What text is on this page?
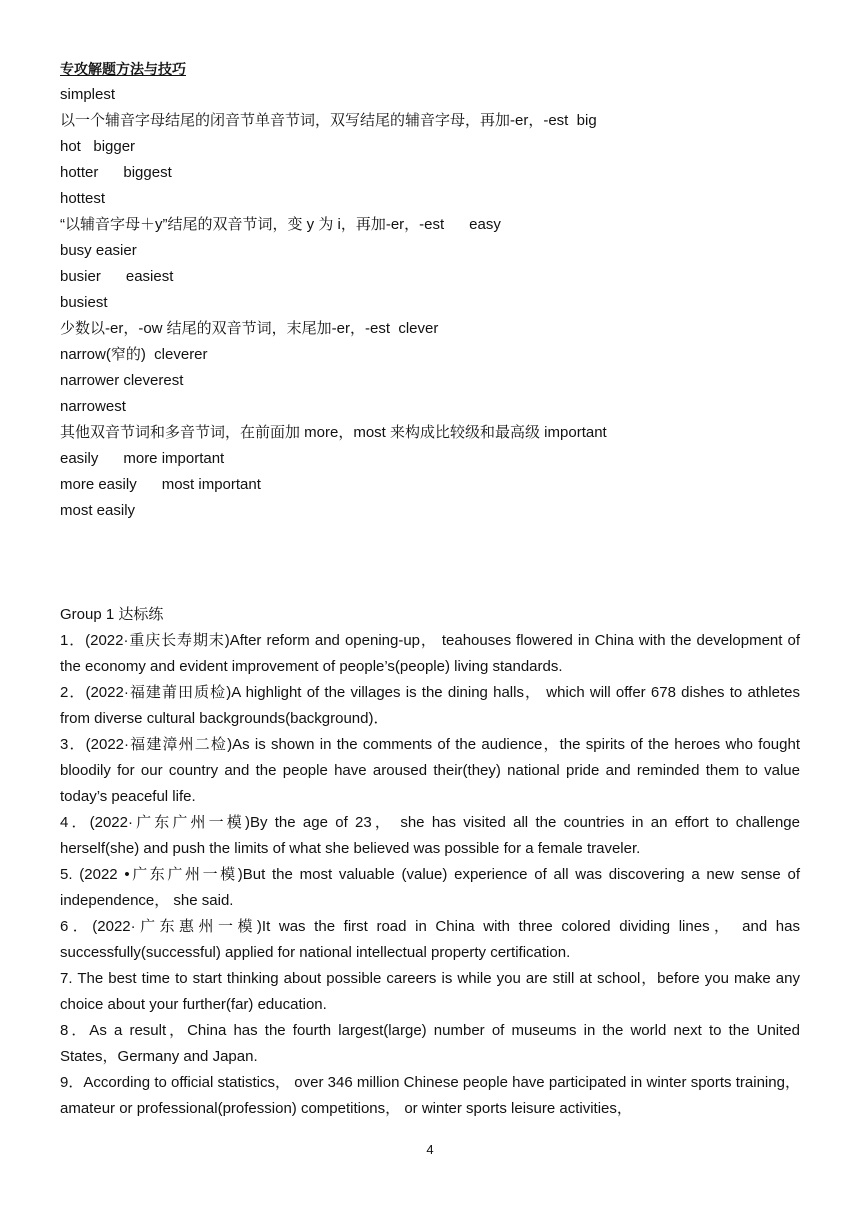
专攻解题方法与技巧
simplest
以一个辅音字母结尾的闭音节单音节词，双写结尾的辅音字母，再加-er，-est  big
hot   bigger
hotter      biggest
hottest
“以辅音字母＋y”结尾的双音节词，变 y 为 i，再加-er，-est      easy
busy easier
busier      easiest
busiest
少数以-er，-ow 结尾的双音节词，末尾加-er，-est  clever
narrow(窄的)  cleverer
narrower cleverest
narrowest
其他双音节词和多音节词，在前面加 more，most 来构成比较级和最高级 important
easily      more important
more easily      most important
most easily
Group 1 达标练
1．(2022·重庆长寿期末)After reform and opening-up， teahouses flowered in China with the development of the economy and evident improvement of people’s(people) living standards.
2．(2022·福建莆田质检)A highlight of the villages is the dining halls， which will offer 678 dishes to athletes from diverse cultural backgrounds(background)．
3．(2022·福建漳州二检)As is shown in the comments of the audience，the spirits of the heroes who fought bloodily for our country and the people have aroused their(they) national pride and reminded them to value today’s peaceful life.
4．(2022·广东广州一模)By the age of 23， she has visited all the countries in an effort to challenge herself(she) and push the limits of what she believed was possible for a female traveler.
5. (2022 •广东广州一模)But the most valuable (value) experience of all was discovering a new sense of independence， she said.
6．(2022·广东惠州一模)It was the first road in China with three colored dividing lines， and has successfully(successful) applied for national intellectual property certification.
7. The best time to start thinking about possible careers is while you are still at school，before you make any choice about your further(far) education.
8．As a result，China has the fourth largest(large) number of museums in the world next to the United States，Germany and Japan.
9．According to official statistics， over 346 million Chinese people have participated in winter sports training， amateur or professional(profession) competitions， or winter sports leisure activities，
4
